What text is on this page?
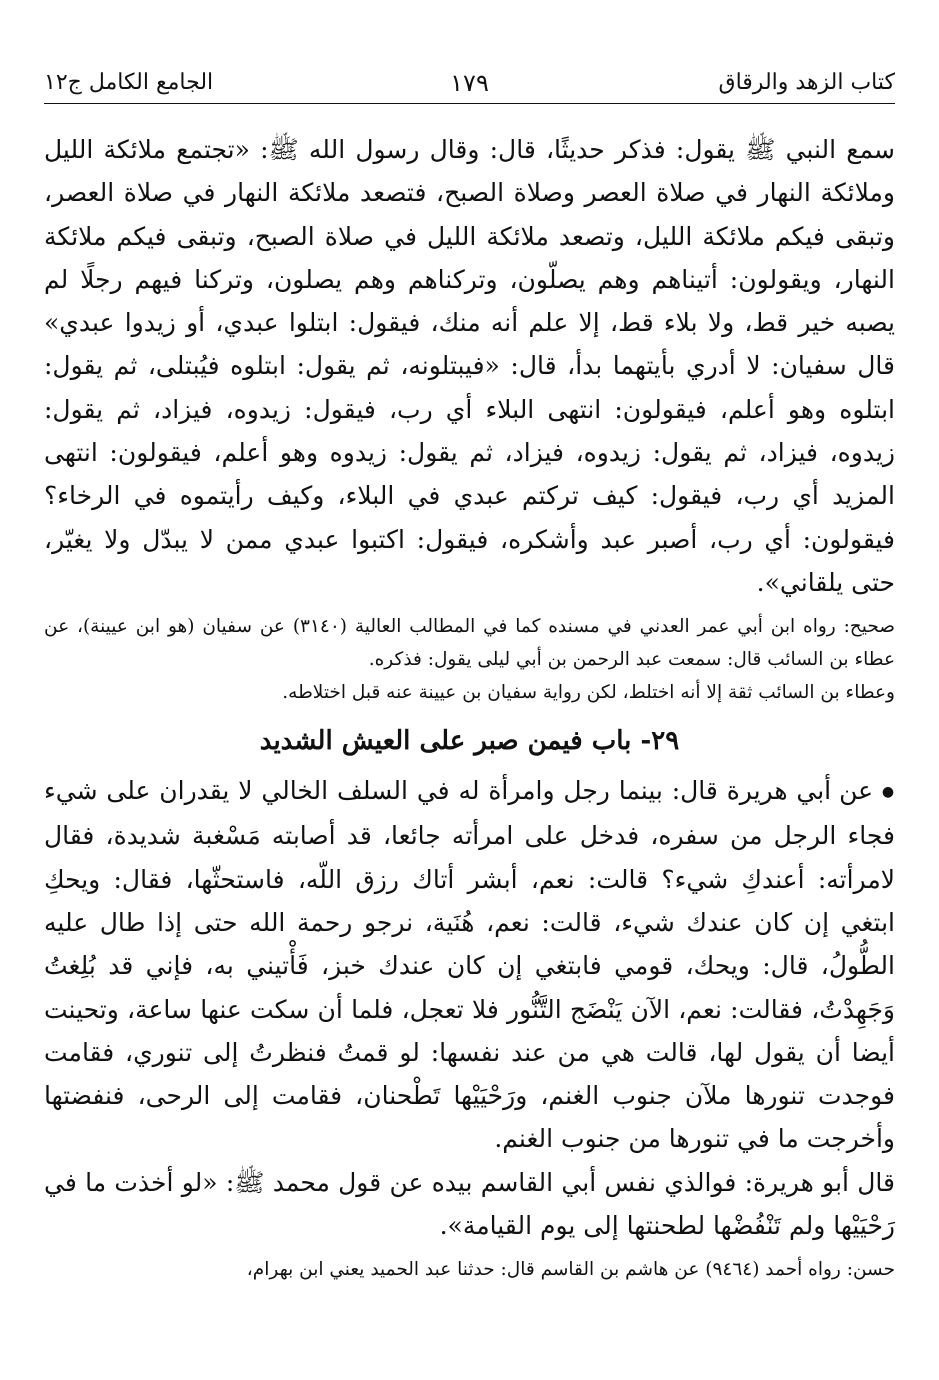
كتاب الزهد والرقاق
١٧٩
الجامع الكامل ج١٢

سمع النبي ﷺ يقول: فذكر حديثًا، قال: وقال رسول الله ﷺ: «تجتمع ملائكة الليل وملائكة النهار في صلاة العصر وصلاة الصبح، فتصعد ملائكة النهار في صلاة العصر، وتبقى فيكم ملائكة الليل، وتصعد ملائكة الليل في صلاة الصبح، وتبقى فيكم ملائكة النهار، ويقولون: أتيناهم وهم يصلّون، وتركناهم وهم يصلون، وتركنا فيهم رجلًا لم يصبه خير قط، ولا بلاء قط، إلا علم أنه منك، فيقول: ابتلوا عبدي، أو زيدوا عبدي» قال سفيان: لا أدري بأيتهما بدأ، قال: «فيبتلونه، ثم يقول: ابتلوه فيُبتلى، ثم يقول: ابتلوه وهو أعلم، فيقولون: انتهى البلاء أي رب، فيقول: زيدوه، فيزاد، ثم يقول: زيدوه، فيزاد، ثم يقول: زيدوه، فيزاد، ثم يقول: زيدوه وهو أعلم، فيقولون: انتهى المزيد أي رب، فيقول: كيف تركتم عبدي في البلاء، وكيف رأيتموه في الرخاء؟ فيقولون: أي رب، أصبر عبد وأشكره، فيقول: اكتبوا عبدي ممن لا يبدّل ولا يغيّر، حتى يلقاني».

صحيح: رواه ابن أبي عمر العدني في مسنده كما في المطالب العالية (٣١٤٠) عن سفيان (هو ابن عيينة)، عن عطاء بن السائب قال: سمعت عبد الرحمن بن أبي ليلى يقول: فذكره.

وعطاء بن السائب ثقة إلا أنه اختلط، لكن رواية سفيان بن عيينة عنه قبل اختلاطه.

٢٩- باب فيمن صبر على العيش الشديد

● عن أبي هريرة قال: بينما رجل وامرأة له في السلف الخالي لا يقدران على شيء فجاء الرجل من سفره، فدخل على امرأته جائعا، قد أصابته مَسْغبة شديدة، فقال لامرأته: أعندكِ شيء؟ قالت: نعم، أبشر أتاك رزق اللّه، فاستحثّها، فقال: ويحكِ ابتغي إن كان عندك شيء، قالت: نعم، هُنَية، نرجو رحمة الله حتى إذا طال عليه الطُّولُ، قال: ويحك، قومي فابتغي إن كان عندك خبز، فَأْتيني به، فإني قد بُلِغتُ وَجَهِدْتُ، فقالت: نعم، الآن يَنْضَج التَّنُّور فلا تعجل، فلما أن سكت عنها ساعة، وتحينت أيضا أن يقول لها، قالت هي من عند نفسها: لو قمتُ فنظرتُ إلى تنوري، فقامت فوجدت تنورها ملآن جنوب الغنم، ورَحْيَيْها تَطْحنان، فقامت إلى الرحى، فنفضتها وأخرجت ما في تنورها من جنوب الغنم.

قال أبو هريرة: فوالذي نفس أبي القاسم بيده عن قول محمد ﷺ: «لو أخذت ما في رَحْيَيْها ولم تَنْفُضْها لطحنتها إلى يوم القيامة».

حسن: رواه أحمد (٩٤٦٤) عن هاشم بن القاسم قال: حدثنا عبد الحميد يعني ابن بهرام،
